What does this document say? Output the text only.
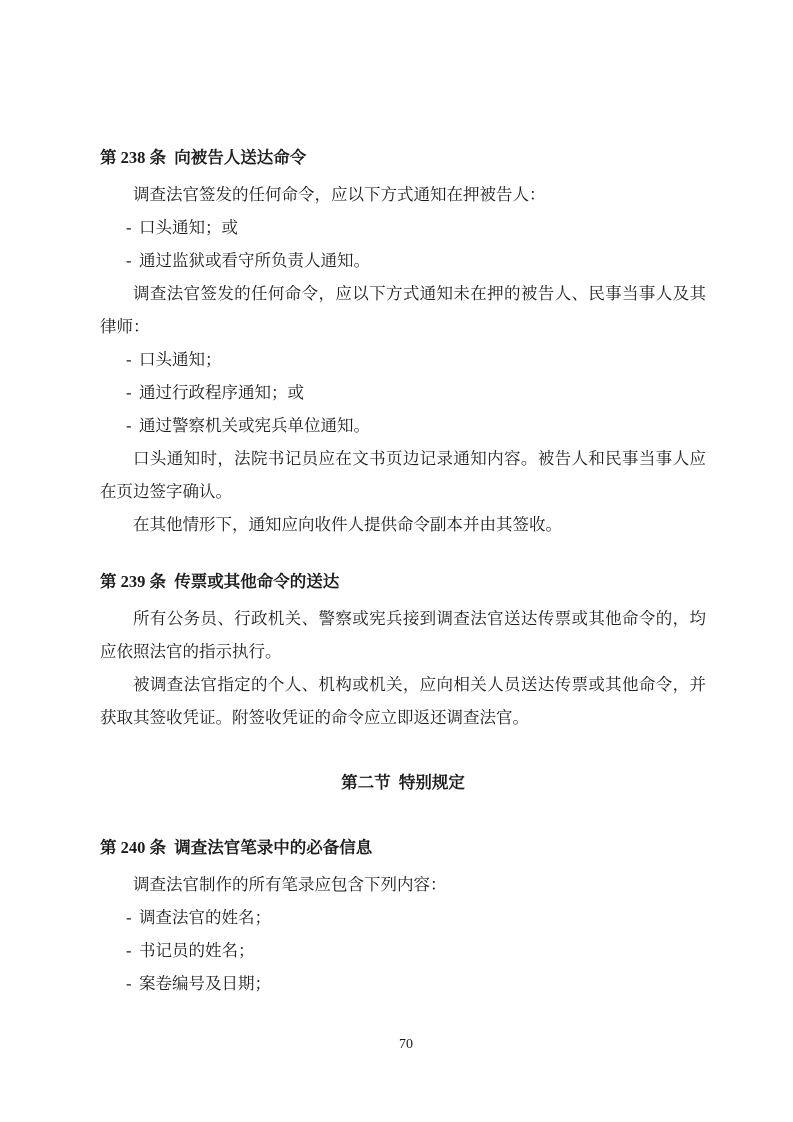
第 238 条  向被告人送达命令

调查法官签发的任何命令，应以下方式通知在押被告人：

- 口头通知；或
- 通过监狱或看守所负责人通知。

调查法官签发的任何命令，应以下方式通知未在押的被告人、民事当事人及其律师：

- 口头通知；
- 通过行政程序通知；或
- 通过警察机关或宪兵单位通知。

口头通知时，法院书记员应在文书页边记录通知内容。被告人和民事当事人应在页边签字确认。

在其他情形下，通知应向收件人提供命令副本并由其签收。

第 239 条  传票或其他命令的送达

所有公务员、行政机关、警察或宪兵接到调查法官送达传票或其他命令的，均应依照法官的指示执行。

被调查法官指定的个人、机构或机关，应向相关人员送达传票或其他命令，并获取其签收凭证。附签收凭证的命令应立即返还调查法官。

第二节  特别规定
第 240 条  调查法官笔录中的必备信息

调查法官制作的所有笔录应包含下列内容：

- 调查法官的姓名；
- 书记员的姓名；
- 案卷编号及日期；
70
